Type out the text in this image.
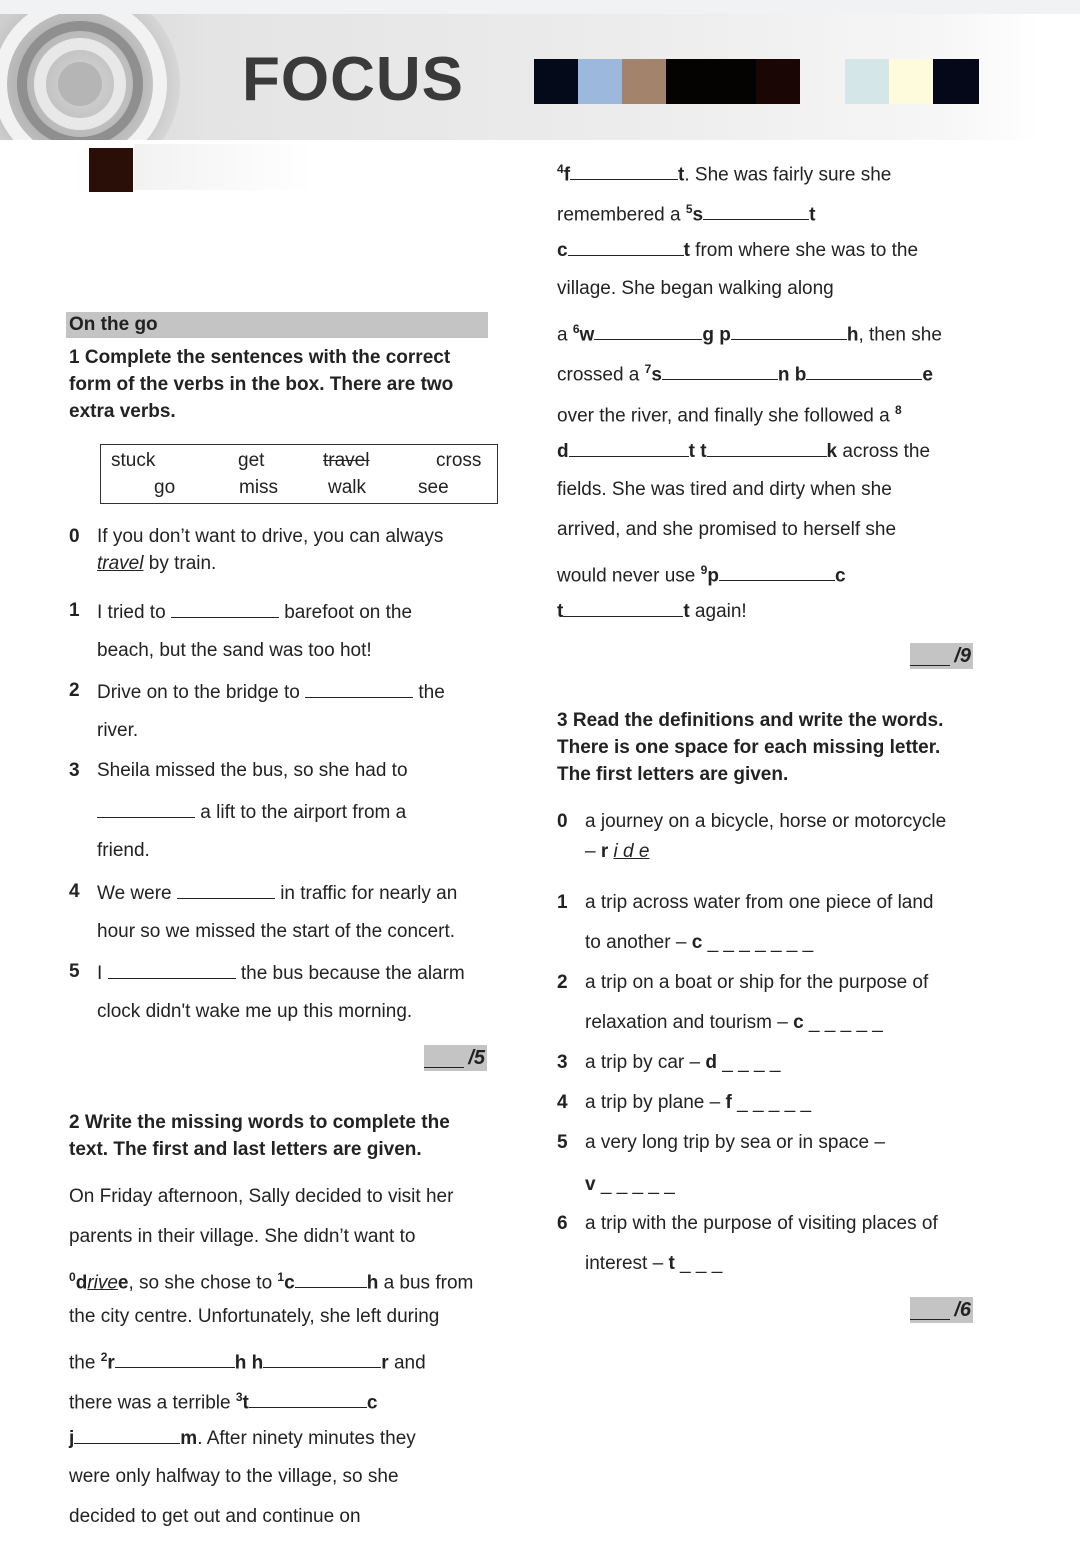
FOCUS
On the go
1 Complete the sentences with the correct
form of the verbs in the box. There are two
extra verbs.
stuck	get	travel	cross
go	miss	walk	see
0 If you don’t want to drive, you can always
travel by train.
1 I tried to	barefoot on the
beach, but the sand was too hot!
2 Drive on to the bridge to	the
river.
3 Sheila missed the bus, so she had to
a lift to the airport from a
friend.
4 We were	in traffic for nearly an
hour so we missed the start of the concert.
5 I	the bus because the alarm
clock didn't wake me up this morning.
/5
2 Write the missing words to complete the
text. The first and last letters are given.
On Friday afternoon, Sally decided to visit her
parents in their village. She didn’t want to
$^0$drivee, so she chose to $^1$c	h a bus from
the city centre. Unfortunately, she left during
the $^2$r	h h	r and
there was a terrible $^3$t	c
j	m. After ninety minutes they
were only halfway to the village, so she
decided to get out and continue on
$^4$f	t. She was fairly sure she
remembered a $^5$s	t
c	t from where she was to the
village. She began walking along
a $^6$w	g p	h, then she
crossed a $^7$s	n b	e
over the river, and finally she followed a $^8$
d	t t	k across the
fields. She was tired and dirty when she
arrived, and she promised to herself she
would never use $^9$p	c
t	t again!
/9
3 Read the definitions and write the words.
There is one space for each missing letter.
The first letters are given.
0 a journey on a bicycle, horse or motorcycle
– r i d e
1 a trip across water from one piece of land
to another – c _ _ _ _ _ _ _
2 a trip on a boat or ship for the purpose of
relaxation and tourism – c _ _ _ _ _
3 a trip by car – d _ _ _ _
4 a trip by plane – f _ _ _ _ _
5 a very long trip by sea or in space –
v _ _ _ _ _
6 a trip with the purpose of visiting places of
interest – t _ _ _
/6
